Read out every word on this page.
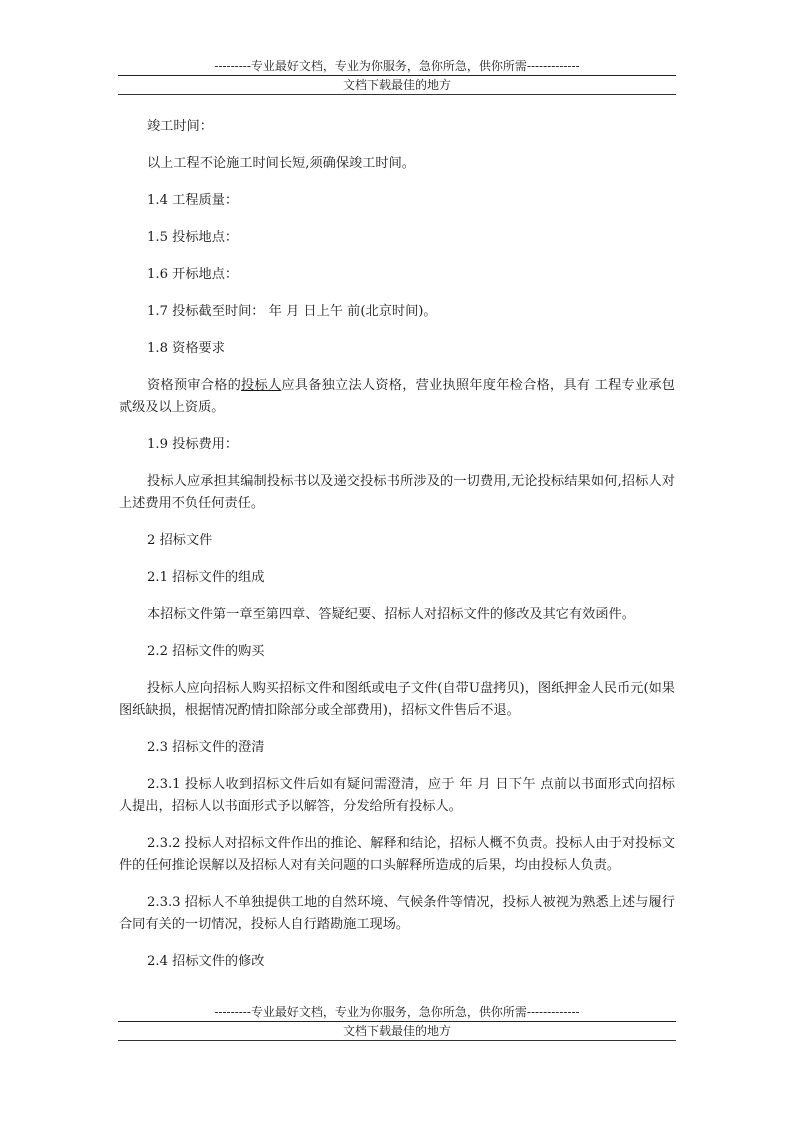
---------专业最好文档，专业为你服务，急你所急，供你所需-------------
文档下载最佳的地方

竣工时间：

以上工程不论施工时间长短,须确保竣工时间。

1.4 工程质量：

1.5 投标地点：

1.6 开标地点：

1.7 投标截至时间： 年 月 日上午 前(北京时间)。

1.8 资格要求

资格预审合格的投标人应具备独立法人资格，营业执照年度年检合格，具有 工程专业承包贰级及以上资质。

1.9 投标费用：

投标人应承担其编制投标书以及递交投标书所涉及的一切费用,无论投标结果如何,招标人对上述费用不负任何责任。

2 招标文件

2.1 招标文件的组成

本招标文件第一章至第四章、答疑纪要、招标人对招标文件的修改及其它有效函件。

2.2 招标文件的购买

投标人应向招标人购买招标文件和图纸或电子文件(自带U盘拷贝)，图纸押金人民币元(如果图纸缺损，根据情况酌情扣除部分或全部费用)，招标文件售后不退。

2.3 招标文件的澄清

2.3.1 投标人收到招标文件后如有疑问需澄清，应于 年 月 日下午 点前以书面形式向招标人提出，招标人以书面形式予以解答，分发给所有投标人。

2.3.2 投标人对招标文件作出的推论、解释和结论，招标人概不负责。投标人由于对投标文件的任何推论误解以及招标人对有关问题的口头解释所造成的后果，均由投标人负责。

2.3.3 招标人不单独提供工地的自然环境、气候条件等情况，投标人被视为熟悉上述与履行合同有关的一切情况，投标人自行踏勘施工现场。

2.4 招标文件的修改

---------专业最好文档，专业为你服务，急你所急，供你所需-------------
文档下载最佳的地方
